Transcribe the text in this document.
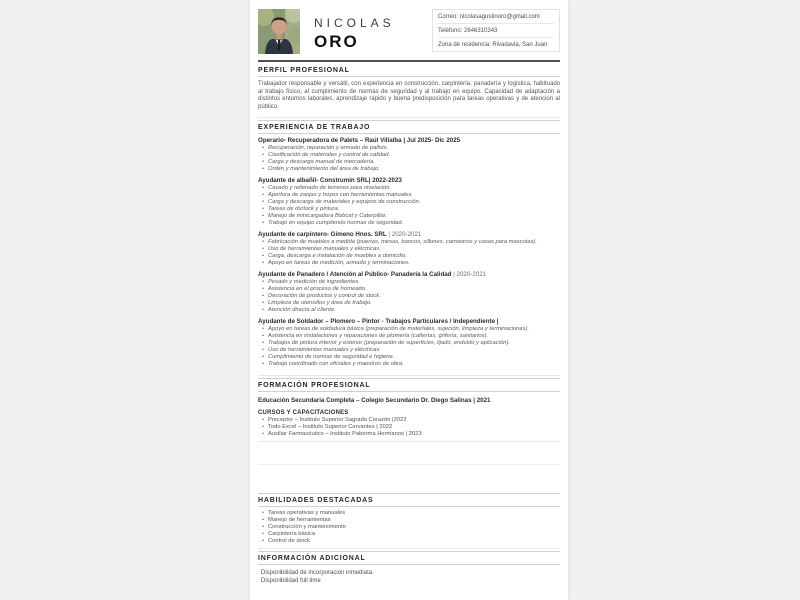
NICOLAS
ORO
Correo: nicolasagustinoro@gmail.com
Teléfono: 2646310343
Zona de residencia: Rivadavia, San Juan
PERFIL PROFESIONAL

Trabajador responsable y versátil, con experiencia en construcción, carpintería, panadería y logística, habituado al trabajo físico, al cumplimiento de normas de seguridad y al trabajo en equipo. Capacidad de adaptación a distintos entornos laborales, aprendizaje rápido y buena predisposición para tareas operativas y de atención al público.

EXPERIENCIA DE TRABAJO
Operario- Recuperadora de Palets – Raúl Villalba | Jul 2025- Dic 2025
• Recuperación, reparación y armado de pallets.
• Clasificación de materiales y control de calidad.
• Carga y descarga manual de mercadería.
• Orden y mantenimiento del área de trabajo.
Ayudante de albañil- Construmin SRL| 2022-2023
• Cavado y rellenado de terrenos para nivelación.
• Apertura de zanjas y hoyos con herramientas manuales.
• Carga y descarga de materiales y equipos de construcción.
• Tareas de durlock y pintura.
• Manejo de minicargadora Bobcat y Caterpillar.
• Trabajo en equipo cumpliendo normas de seguridad.
Ayudante de carpintero- Gimeno Hnos. SRL | 2020-2021
• Fabricación de muebles a medida (puertas, mesas, bancos, sillones, camastros y casas para mascotas).
• Uso de herramientas manuales y eléctricas.
• Carga, descarga e instalación de muebles a domicilio.
• Apoyo en tareas de medición, armado y terminaciones.
Ayudante de Panadero / Atención al Público- Panadería la Calidad | 2020-2021
• Pesado y medición de ingredientes.
• Asistencia en el proceso de horneado.
• Decoración de productos y control de stock.
• Limpieza de utensilios y área de trabajo.
• Atención directa al cliente.
Ayudante de Soldador – Plomero – Pintor - Trabajos Particulares / Independiente |
• Apoyo en tareas de soldadura básica (preparación de materiales, sujeción, limpieza y terminaciones).
• Asistencia en instalaciones y reparaciones de plomería (cañerías, grifería, sanitarios).
• Trabajos de pintura interior y exterior (preparación de superficies, lijado, enduido y aplicación).
• Uso de herramientas manuales y eléctricas.
• Cumplimiento de normas de seguridad e higiene.
• Trabajo coordinado con oficiales y maestros de obra.
FORMACIÓN PROFESIONAL
Educación Secundaria Completa – Colegio Secundario Dr. Diego Salinas | 2021
CURSOS Y CAPACITACIONES
• Preceptor – Instituto Superior Sagrado Corazón |2022
• Todo Excel – Instituto Superior Cervantes | 2022
• Auxiliar Farmacéutico – Instituto Paberma Hermanos | 2023
HABILIDADES DESTACADAS
• Tareas operativas y manuales
• Manejo de herramientas
• Construcción y mantenimiento
• Carpintería básica
• Control de stock
INFORMACIÓN ADICIONAL
Disponibilidad de incorporación inmediata.
Disponibilidad full time
